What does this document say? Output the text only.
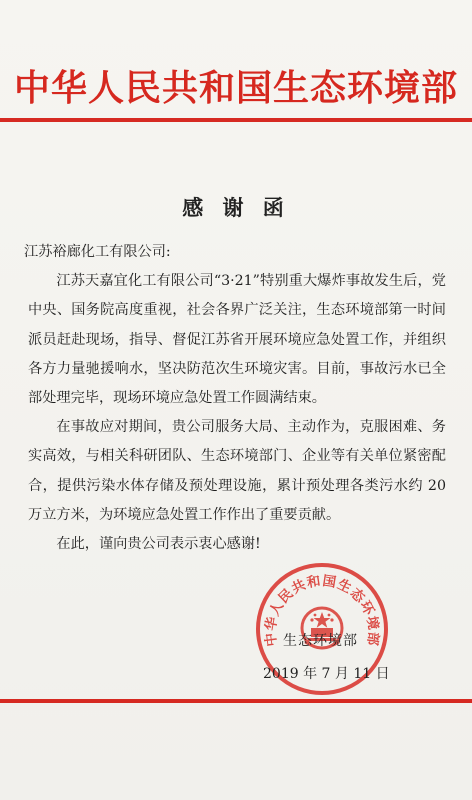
中华人民共和国生态环境部
感 谢 函

江苏裕廊化工有限公司:

江苏天嘉宜化工有限公司“3·21”特别重大爆炸事故发生后，党中央、国务院高度重视，社会各界广泛关注，生态环境部第一时间派员赶赴现场，指导、督促江苏省开展环境应急处置工作，并组织各方力量驰援响水，坚决防范次生环境灾害。目前，事故污水已全部处理完毕，现场环境应急处置工作圆满结束。

在事故应对期间，贵公司服务大局、主动作为，克服困难、务实高效，与相关科研团队、生态环境部门、企业等有关单位紧密配合，提供污染水体存储及预处理设施，累计预处理各类污水约 20 万立方米，为环境应急处置工作作出了重要贡献。

在此，谨向贵公司表示衷心感谢!

中华人民共和国生态环境部
生态环境部
2019 年 7 月 11 日
